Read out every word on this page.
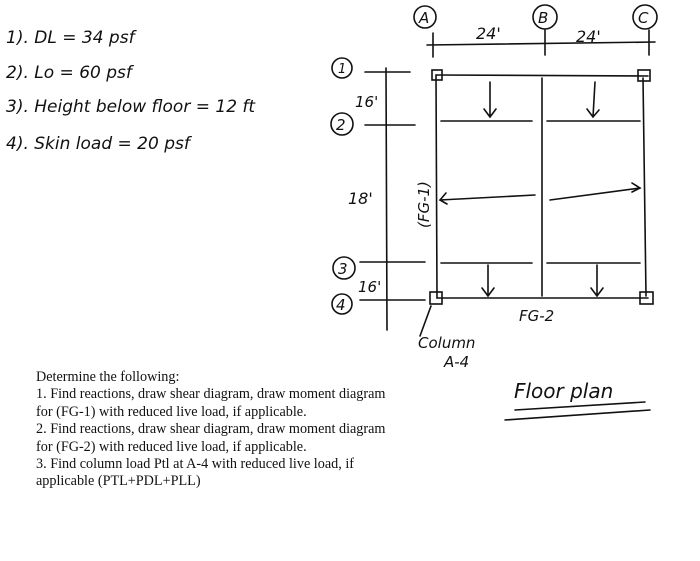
1). DL = 34 psf
2). Lo = 60 psf
3). Height below floor = 12 ft
4). Skin load = 20 psf
A	B	C
1
2
3
4
24'	24'
16'
18'
16'
(FG-1)
FG-2
Column
A-4
Floor plan

Determine the following:

1. Find reactions, draw shear diagram, draw moment diagram for (FG-1) with reduced live load, if applicable.

2. Find reactions, draw shear diagram, draw moment diagram for (FG-2) with reduced live load, if applicable.

3. Find column load Ptl at A-4 with reduced live load, if applicable (PTL+PDL+PLL)
